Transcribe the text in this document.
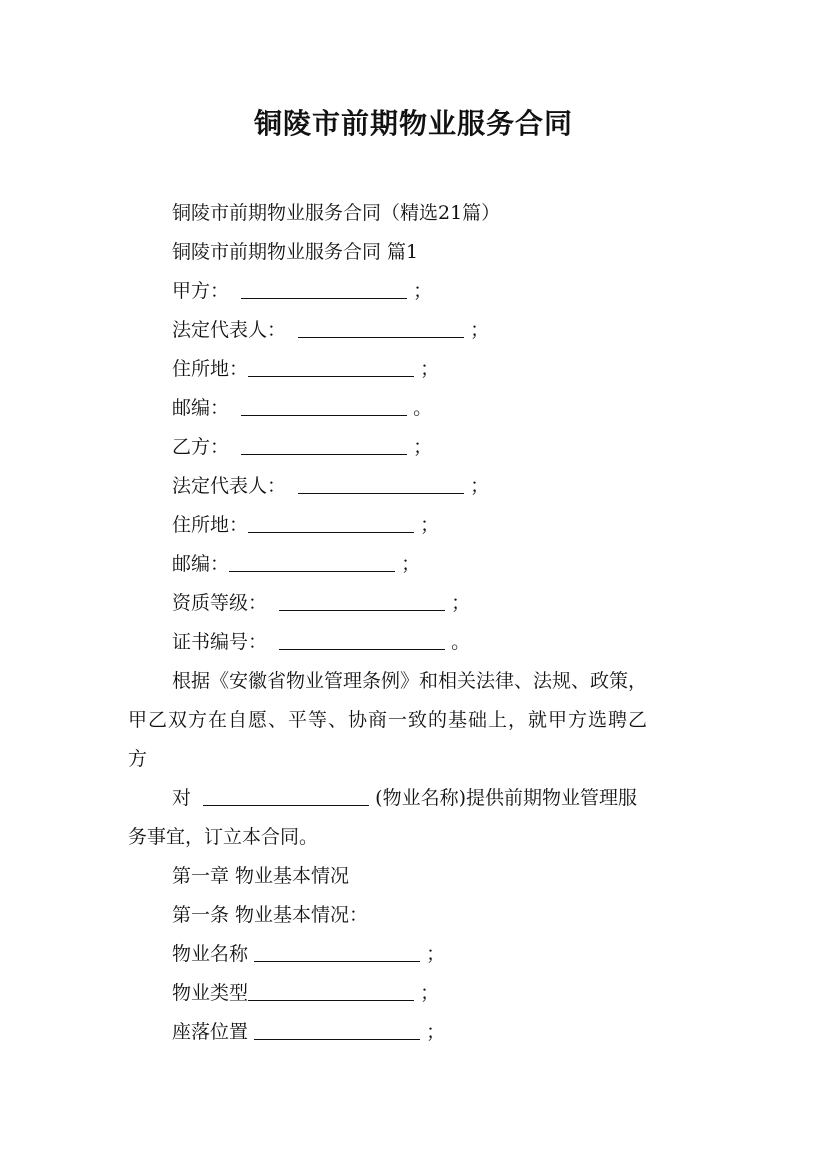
铜陵市前期物业服务合同
铜陵市前期物业服务合同（精选21篇）
铜陵市前期物业服务合同 篇1
甲方：	；
法定代表人：	；
住所地：	；
邮编：	。
乙方：	；
法定代表人：	；
住所地：	；
邮编：	；
资质等级：	；
证书编号：	。
根据《安徽省物业管理条例》和相关法律、法规、政策，
甲乙双方在自愿、平等、协商一致的基础上，就甲方选聘乙
方
对	(物业名称)提供前期物业管理服
务事宜，订立本合同。
第一章 物业基本情况
第一条 物业基本情况：
物业名称	；
物业类型	；
座落位置	；
